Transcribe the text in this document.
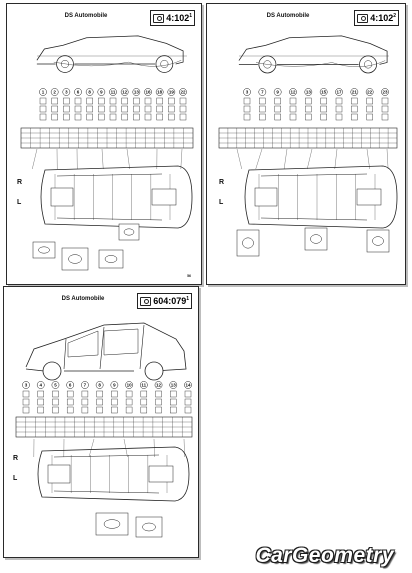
DS Automobile	$4:102^1$
1 2 3 6 8 9 11 12 13 16 18 19 22
R
L
56
DS Automobile	$4:102^2$
3	7	9	12 13 15 17 21 22 23
R
L
DS Automobile	$604:079^1$
3	4	5	6	7	8	9 10 11 12 13 14
R
L
CarGeometry
